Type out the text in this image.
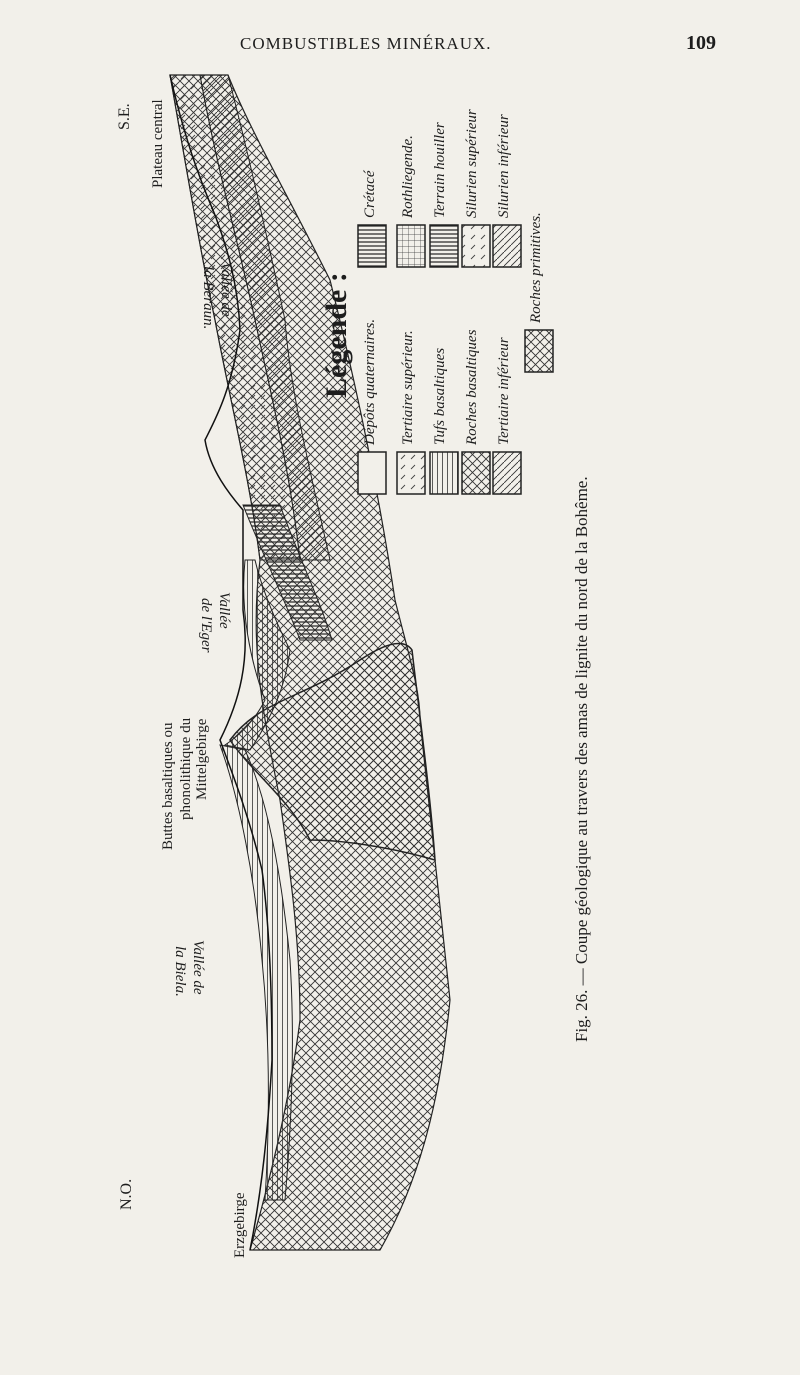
COMBUSTIBLES MINÉRAUX.	109
Fig. 26. — Coupe géologique au travers des amas de lignite du nord de la Bohême.
N.O.
S.E.
Erzgebirge
Vallée de
la Biela.
Buttes basaltiques ou phonolithique du Mittelgebirge
Vallée
de l'Eger
Vallée de
la Beraun.
Plateau central
Légende : Dépôts quaternaires. Tertiaire supérieur. Tufs basaltiques Roches basaltiques Tertiaire inférieur
Roches primitives.
Crétacé Rothliegende. Terrain houiller Silurien supérieur Silurien inférieur
